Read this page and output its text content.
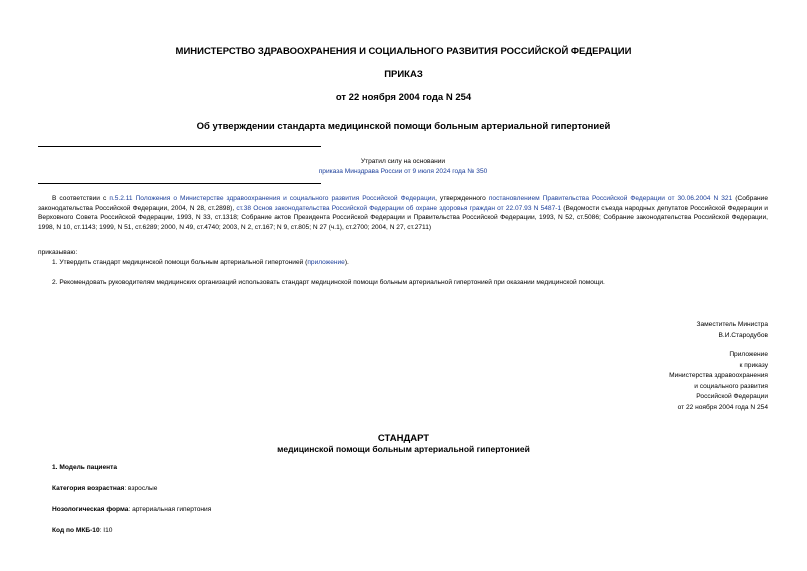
МИНИСТЕРСТВО ЗДРАВООХРАНЕНИЯ И СОЦИАЛЬНОГО РАЗВИТИЯ РОССИЙСКОЙ ФЕДЕРАЦИИ
ПРИКАЗ
от 22 ноября 2004 года N 254
Об утверждении стандарта медицинской помощи больным артериальной гипертонией
Утратил силу на основании
приказа Минздрава России от 9 июля 2024 года № 350
В соответствии с п.5.2.11 Положения о Министерстве здравоохранения и социального развития Российской Федерации, утвержденного постановлением Правительства Российской Федерации от 30.06.2004 N 321 (Собрание законодательства Российской Федерации, 2004, N 28, ст.2898), ст.38 Основ законодательства Российской Федерации об охране здоровья граждан от 22.07.93 N 5487-1 (Ведомости съезда народных депутатов Российской Федерации и Верховного Совета Российской Федерации, 1993, N 33, ст.1318; Собрание актов Президента Российской Федерации и Правительства Российской Федерации, 1993, N 52, ст.5086; Собрание законодательства Российской Федерации, 1998, N 10, ст.1143; 1999, N 51, ст.6289; 2000, N 49, ст.4740; 2003, N 2, ст.167; N 9, ст.805; N 27 (ч.1), ст.2700; 2004, N 27, ст.2711)
приказываю:
1. Утвердить стандарт медицинской помощи больным артериальной гипертонией (приложение).
2. Рекомендовать руководителям медицинских организаций использовать стандарт медицинской помощи больным артериальной гипертонией при оказании медицинской помощи.
Заместитель Министра
В.И.Стародубов
Приложение
к приказу
Министерства здравоохранения
и социального развития
Российской Федерации
от 22 ноября 2004 года N 254
СТАНДАРТ
медицинской помощи больным артериальной гипертонией
1. Модель пациента
Категория возрастная: взрослые
Нозологическая форма: артериальная гипертония
Код по МКБ-10: I10
